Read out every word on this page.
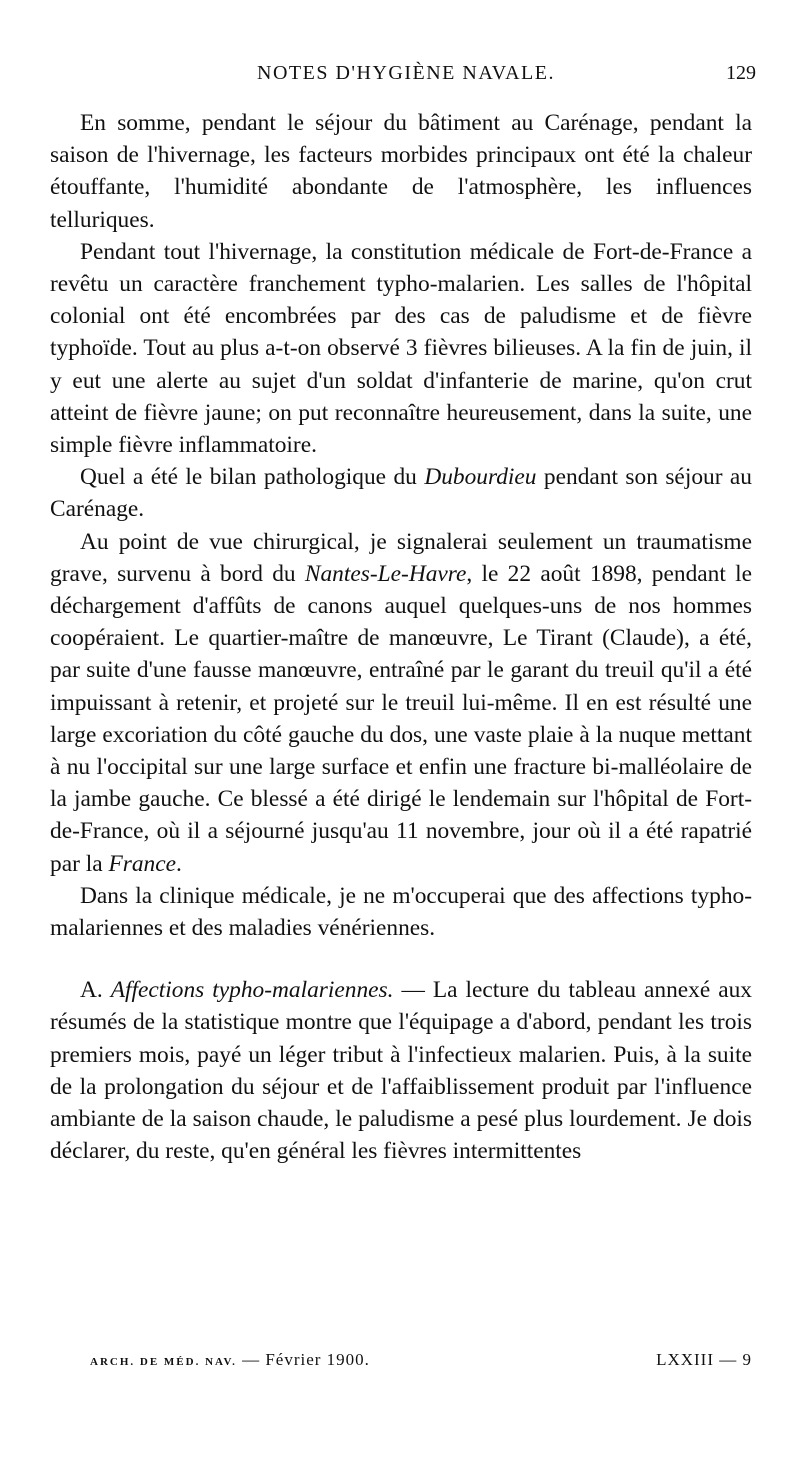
NOTES D'HYGIÈNE NAVALE.	129

En somme, pendant le séjour du bâtiment au Carénage, pendant la saison de l'hivernage, les facteurs morbides principaux ont été la chaleur étouffante, l'humidité abondante de l'atmosphère, les influences telluriques.

Pendant tout l'hivernage, la constitution médicale de Fort-de-France a revêtu un caractère franchement typho-malarien. Les salles de l'hôpital colonial ont été encombrées par des cas de paludisme et de fièvre typhoïde. Tout au plus a-t-on observé 3 fièvres bilieuses. A la fin de juin, il y eut une alerte au sujet d'un soldat d'infanterie de marine, qu'on crut atteint de fièvre jaune; on put reconnaître heureusement, dans la suite, une simple fièvre inflammatoire.

Quel a été le bilan pathologique du Dubourdieu pendant son séjour au Carénage.

Au point de vue chirurgical, je signalerai seulement un traumatisme grave, survenu à bord du Nantes-Le-Havre, le 22 août 1898, pendant le déchargement d'affûts de canons auquel quelques-uns de nos hommes coopéraient. Le quartier-maître de manœuvre, Le Tirant (Claude), a été, par suite d'une fausse manœuvre, entraîné par le garant du treuil qu'il a été impuissant à retenir, et projeté sur le treuil lui-même. Il en est résulté une large excoriation du côté gauche du dos, une vaste plaie à la nuque mettant à nu l'occipital sur une large surface et enfin une fracture bi-malléolaire de la jambe gauche. Ce blessé a été dirigé le lendemain sur l'hôpital de Fort-de-France, où il a séjourné jusqu'au 11 novembre, jour où il a été rapatrié par la France.

Dans la clinique médicale, je ne m'occuperai que des affections typho-malariennes et des maladies vénériennes.

A. Affections typho-malariennes. — La lecture du tableau annexé aux résumés de la statistique montre que l'équipage a d'abord, pendant les trois premiers mois, payé un léger tribut à l'infectieux malarien. Puis, à la suite de la prolongation du séjour et de l'affaiblissement produit par l'influence ambiante de la saison chaude, le paludisme a pesé plus lourdement. Je dois déclarer, du reste, qu'en général les fièvres intermittentes

ARCH. DE MÉD. NAV. — Février 1900.	LXXIII — 9
